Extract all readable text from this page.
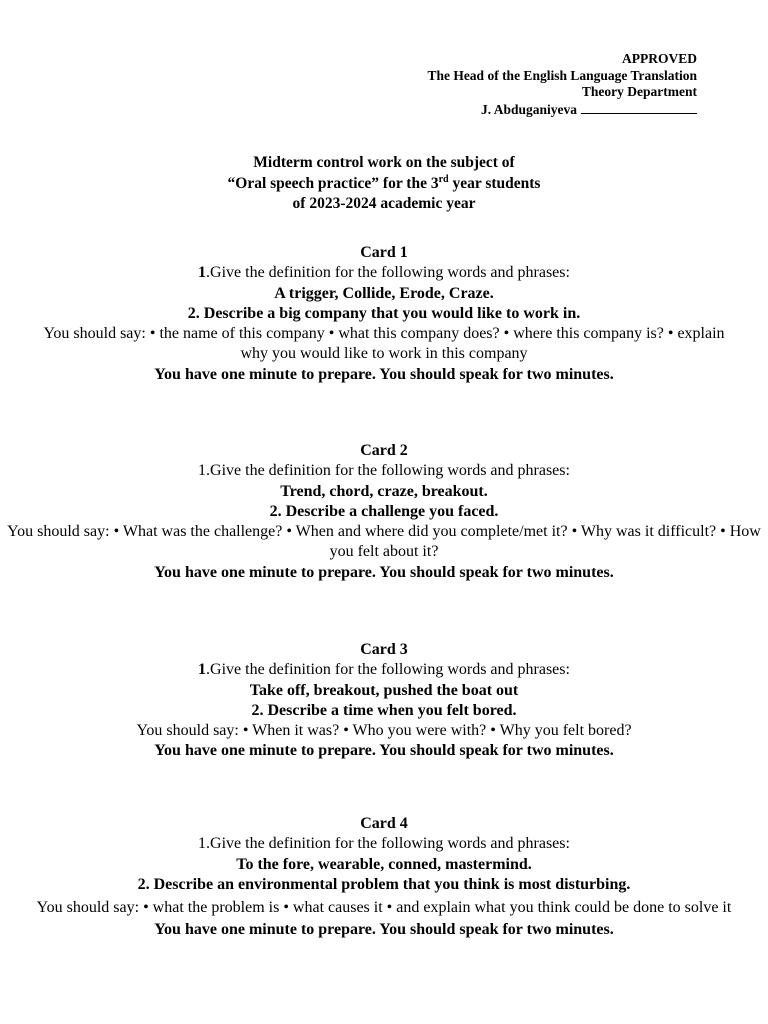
APPROVED
The Head of the English Language Translation
Theory Department
J. Abduganiyeva
Midterm control work on the subject of
“Oral speech practice” for the 3rd year students
of 2023-2024 academic year
Card 1
1.Give the definition for the following words and phrases:
A trigger, Collide, Erode, Craze.
2. Describe a big company that you would like to work in.
You should say: • the name of this company • what this company does? • where this company is? • explain why you would like to work in this company
You have one minute to prepare. You should speak for two minutes.
Card 2
1.Give the definition for the following words and phrases:
Trend, chord, craze, breakout.
2. Describe a challenge you faced.
You should say: • What was the challenge? • When and where did you complete/met it? • Why was it difficult? • How you felt about it?
You have one minute to prepare. You should speak for two minutes.
Card 3
1.Give the definition for the following words and phrases:
Take off, breakout, pushed the boat out
2. Describe a time when you felt bored.
You should say: • When it was? • Who you were with? • Why you felt bored?
You have one minute to prepare. You should speak for two minutes.
Card 4
1.Give the definition for the following words and phrases:
To the fore, wearable, conned, mastermind.
2. Describe an environmental problem that you think is most disturbing.
You should say: • what the problem is • what causes it • and explain what you think could be done to solve it
You have one minute to prepare. You should speak for two minutes.
